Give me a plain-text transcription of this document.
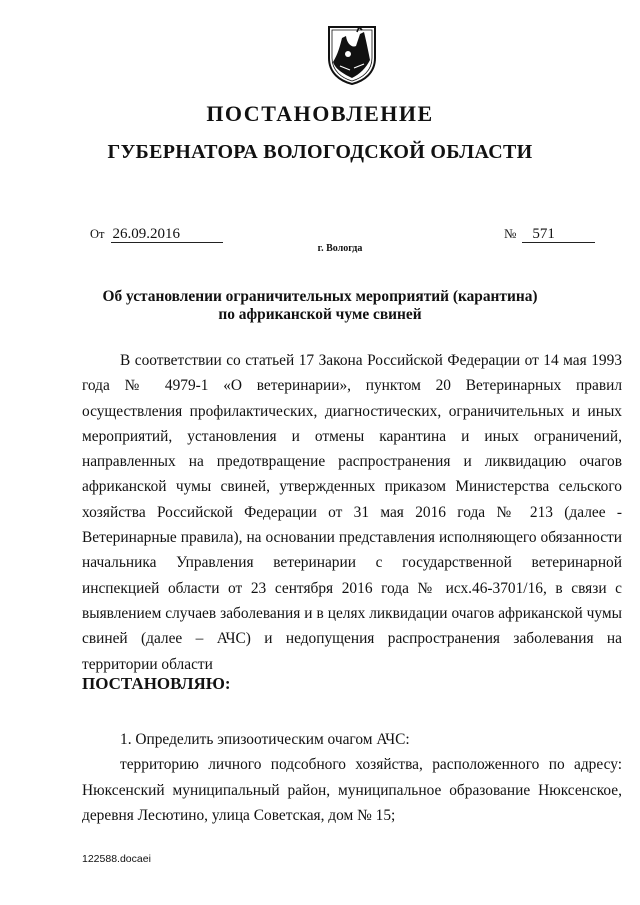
ПОСТАНОВЛЕНИЕ
ГУБЕРНАТОРА ВОЛОГОДСКОЙ ОБЛАСТИ
От 26.09.2016	№ 571
г. Вологда
Об установлении ограничительных мероприятий (карантина)
по африканской чуме свиней

В соответствии со статьей 17 Закона Российской Федерации от 14 мая 1993 года № 4979-1 «О ветеринарии», пунктом 20 Ветеринарных правил осуществления профилактических, диагностических, ограничительных и иных мероприятий, установления и отмены карантина и иных ограничений, направленных на предотвращение распространения и ликвидацию очагов африканской чумы свиней, утвержденных приказом Министерства сельского хозяйства Российской Федерации от 31 мая 2016 года № 213 (далее - Ветеринарные правила), на основании представления исполняющего обязанности начальника Управления ветеринарии с государственной ветеринарной инспекцией области от 23 сентября 2016 года № исх.46-3701/16, в связи с выявлением случаев заболевания и в целях ликвидации очагов африканской чумы свиней (далее – АЧС) и недопущения распространения заболевания на территории области

ПОСТАНОВЛЯЮ:

1. Определить эпизоотическим очагом АЧС:

территорию личного подсобного хозяйства, расположенного по адресу: Нюксенский муниципальный район, муниципальное образование Нюксенское, деревня Лесютино, улица Советская, дом № 15;

122588.docaei
